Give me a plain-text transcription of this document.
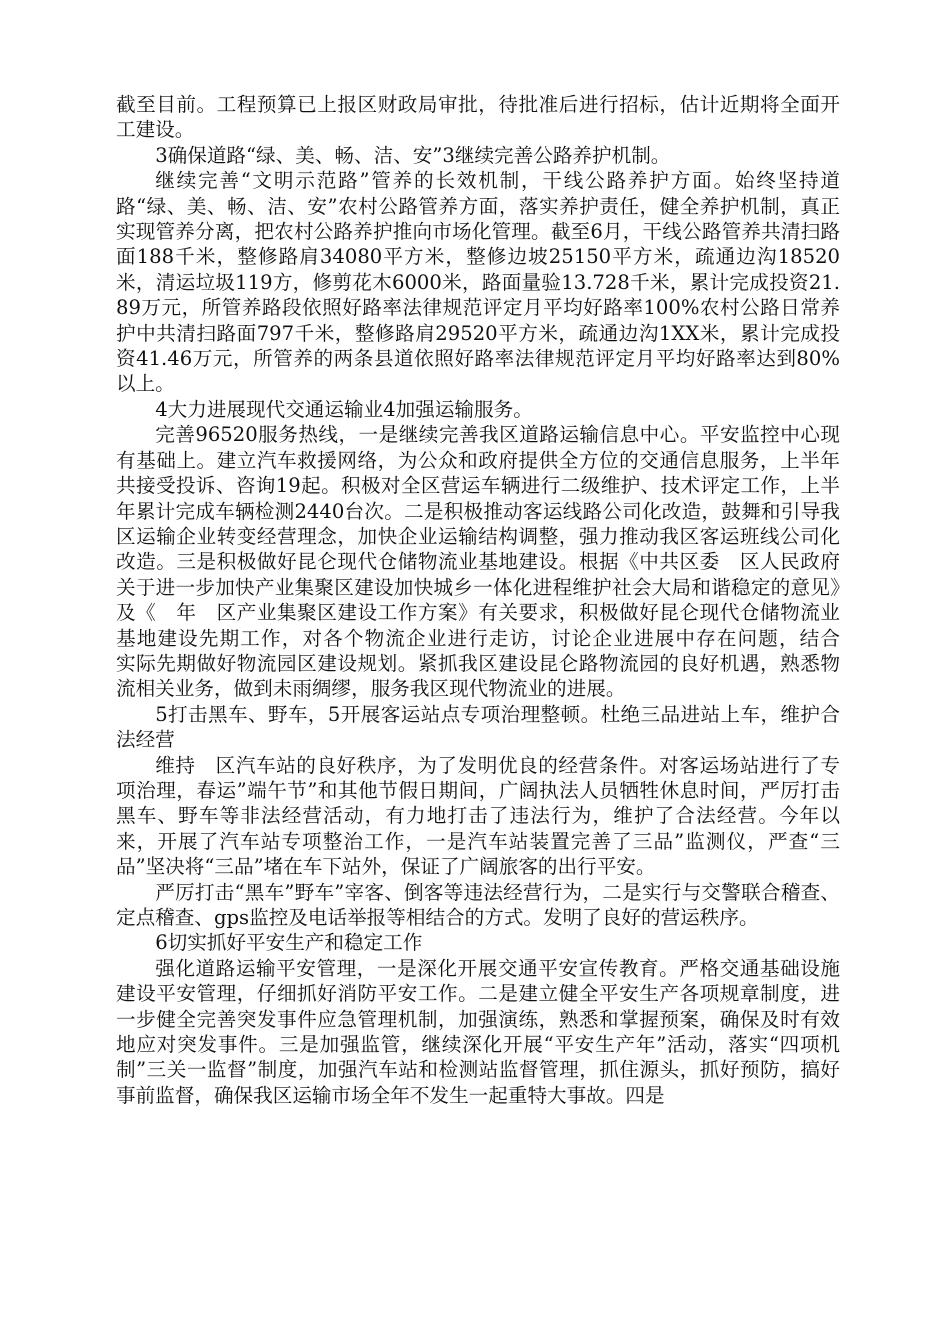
截至目前。工程预算已上报区财政局审批，待批准后进行招标，估计近期将全面开工建设。

3确保道路“绿、美、畅、洁、安”3继续完善公路养护机制。

继续完善“文明示范路”管养的长效机制，干线公路养护方面。始终坚持道路“绿、美、畅、洁、安”农村公路管养方面，落实养护责任，健全养护机制，真正实现管养分离，把农村公路养护推向市场化管理。截至6月，干线公路管养共清扫路面188千米，整修路肩34080平方米，整修边坡25150平方米，疏通边沟18520米，清运垃圾119方，修剪花木6000米，路面量验13.728千米，累计完成投资21.89万元，所管养路段依照好路率法律规范评定月平均好路率100%农村公路日常养护中共清扫路面797千米，整修路肩29520平方米，疏通边沟1XX米，累计完成投资41.46万元，所管养的两条县道依照好路率法律规范评定月平均好路率达到80%以上。

4大力进展现代交通运输业4加强运输服务。

完善96520服务热线，一是继续完善我区道路运输信息中心。平安监控中心现有基础上。建立汽车救援网络，为公众和政府提供全方位的交通信息服务，上半年共接受投诉、咨询19起。积极对全区营运车辆进行二级维护、技术评定工作，上半年累计完成车辆检测2440台次。二是积极推动客运线路公司化改造，鼓舞和引导我区运输企业转变经营理念，加快企业运输结构调整，强力推动我区客运班线公司化改造。三是积极做好昆仑现代仓储物流业基地建设。根据《中共区委　区人民政府关于进一步加快产业集聚区建设加快城乡一体化进程维护社会大局和谐稳定的意见》及《　年　区产业集聚区建设工作方案》有关要求，积极做好昆仑现代仓储物流业基地建设先期工作，对各个物流企业进行走访，讨论企业进展中存在问题，结合　实际先期做好物流园区建设规划。紧抓我区建设昆仑路物流园的良好机遇，熟悉物流相关业务，做到未雨绸缪，服务我区现代物流业的进展。

5打击黑车、野车，5开展客运站点专项治理整顿。杜绝三品进站上车，维护合法经营

维持　区汽车站的良好秩序，为了发明优良的经营条件。对客运场站进行了专项治理，春运”端午节”和其他节假日期间，广阔执法人员牺牲休息时间，严厉打击黑车、野车等非法经营活动，有力地打击了违法行为，维护了合法经营。今年以来，开展了汽车站专项整治工作，一是汽车站装置完善了三品”监测仪，严查“三品”坚决将“三品”堵在车下站外，保证了广阔旅客的出行平安。

严厉打击“黑车”野车”宰客、倒客等违法经营行为，二是实行与交警联合稽查、定点稽查、gps监控及电话举报等相结合的方式。发明了良好的营运秩序。

6切实抓好平安生产和稳定工作

强化道路运输平安管理，一是深化开展交通平安宣传教育。严格交通基础设施建设平安管理，仔细抓好消防平安工作。二是建立健全平安生产各项规章制度，进一步健全完善突发事件应急管理机制，加强演练，熟悉和掌握预案，确保及时有效地应对突发事件。三是加强监管，继续深化开展“平安生产年”活动，落实“四项机制”三关一监督”制度，加强汽车站和检测站监督管理，抓住源头，抓好预防，搞好事前监督，确保我区运输市场全年不发生一起重特大事故。四是
